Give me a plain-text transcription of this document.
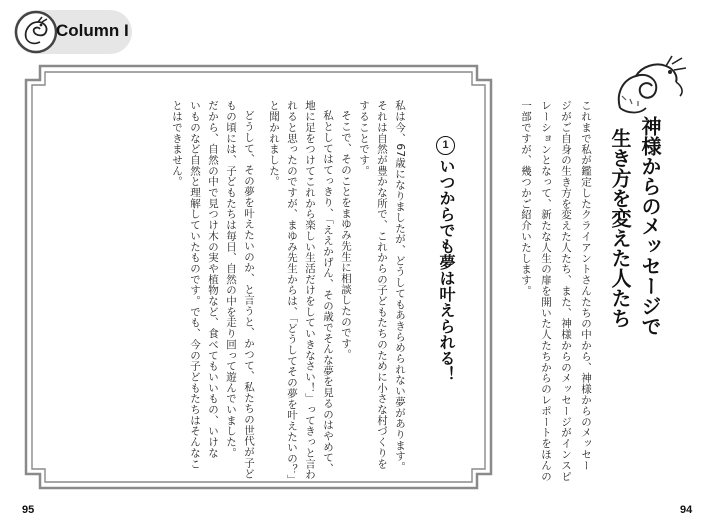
Column I
神様からのメッセージで
生き方を変えた人たち
これまで私が鑑定したクライアントさんたちの中から、神様からのメッセー
ジがご自身の生き方を変えた人たち、また、神様からのメッセージがインスピ
レーションとなって、新たな人生の扉を開いた人たちからのレポートをほんの
一部ですが、幾つかご紹介いたします。
1
いつからでも夢は叶えられる！
私は今、67歳になりましたが、どうしてもあきらめられない夢があります。
それは自然が豊かな所で、これからの子どもたちのために小さな村づくりを
することです。
そこで、そのことをまゆみ先生に相談したのです。
私としてはてっきり、「ええかげん、その歳でそんな夢を見るのはやめて、
地に足をつけてこれから楽しい生活だけをしていきなさい！」ってきっと言わ
れると思ったのですが、まゆみ先生からは、「どうしてその夢を叶えたいの？」
と聞かれました。
どうして、その夢を叶えたいのか、と言うと、かつて、私たちの世代が子ど
もの頃には、子どもたちは毎日、自然の中を走り回って遊んでいました。
だから、自然の中で見つけ木の実や植物など、食べてもいいもの、いけな
いものなど自然と理解していたものです。でも、今の子どもたちはそんなこ
とはできません。
95	94
